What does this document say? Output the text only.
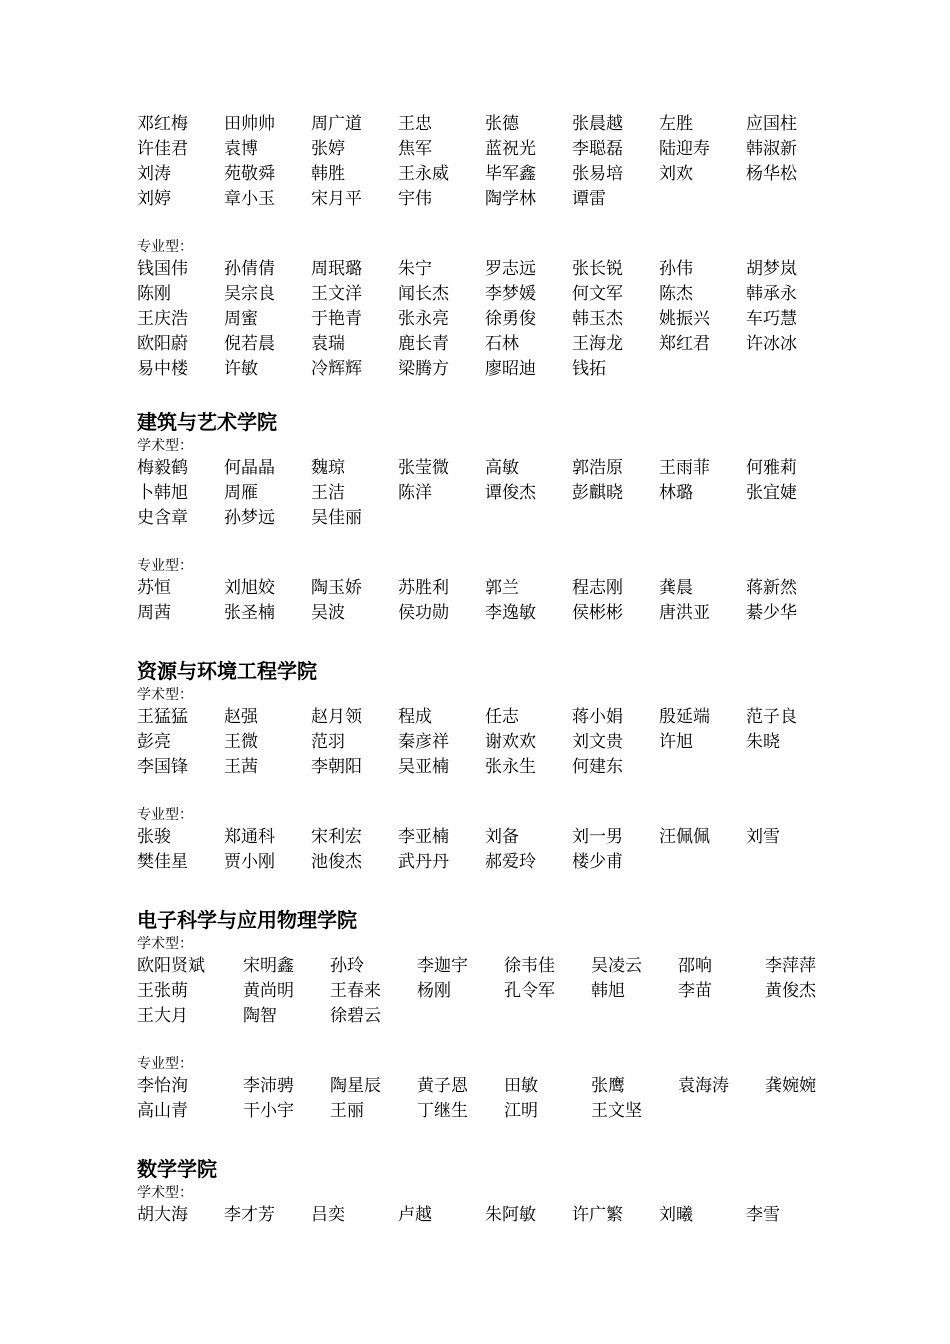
邓红梅 田帅帅 周广道 王忠	张德	张晨越 左胜	应国柱
许佳君 袁博	张婷	焦军	蓝祝光 李聪磊 陆迎寿 韩淑新
刘涛	苑敬舜 韩胜	王永威 毕军鑫 张易培 刘欢	杨华松
刘婷	章小玉 宋月平 宇伟	陶学林 谭雷
专业型：
钱国伟 孙倩倩 周珉璐 朱宁	罗志远 张长锐 孙伟	胡梦岚
陈刚	吴宗良 王文洋 闻长杰 李梦媛 何文军 陈杰	韩承永
王庆浩 周蜜	于艳青 张永亮 徐勇俊 韩玉杰 姚振兴 车巧慧
欧阳蔚 倪若晨 袁瑞	鹿长青 石林	王海龙 郑红君 许冰冰
易中楼 许敏	冷辉辉 梁腾方 廖昭迪 钱拓
建筑与艺术学院
学术型：
梅毅鹤 何晶晶 魏琼	张莹微 高敏	郭浩原 王雨菲 何雅莉
卜韩旭 周雁	王洁	陈洋	谭俊杰 彭麒晓 林璐	张宜婕
史含章 孙梦远 吴佳丽
专业型：
苏恒	刘旭姣 陶玉娇 苏胜利 郭兰	程志刚 龚晨	蒋新然
周茜	张圣楠 吴波	侯功勋 李逸敏 侯彬彬 唐洪亚 綦少华
资源与环境工程学院
学术型：
王猛猛 赵强	赵月领 程成	任志	蒋小娟 殷延端 范子良
彭亮	王微	范羽	秦彦祥 谢欢欢 刘文贵 许旭	朱晓
李国锋 王茜	李朝阳 吴亚楠 张永生 何建东
专业型：
张骏	郑通科 宋利宏 李亚楠 刘备	刘一男 汪佩佩 刘雪
樊佳星 贾小刚 池俊杰 武丹丹 郝爱玲 楼少甫
电子科学与应用物理学院
学术型：
欧阳贤斌 宋明鑫 孙玲	李迦宇 徐韦佳 吴凌云 邵响	李萍萍
王张萌	黄尚明 王春来 杨刚	孔令军 韩旭	李苗	黄俊杰
王大月	陶智	徐碧云
专业型：
李怡洵	李沛骋 陶星辰 黄子恩 田敏	张鹰	袁海涛 龚婉婉
高山青	干小宇 王丽	丁继生 江明	王文坚
数学学院
学术型：
胡大海 李才芳 吕奕	卢越	朱阿敏 许广繁 刘曦	李雪
